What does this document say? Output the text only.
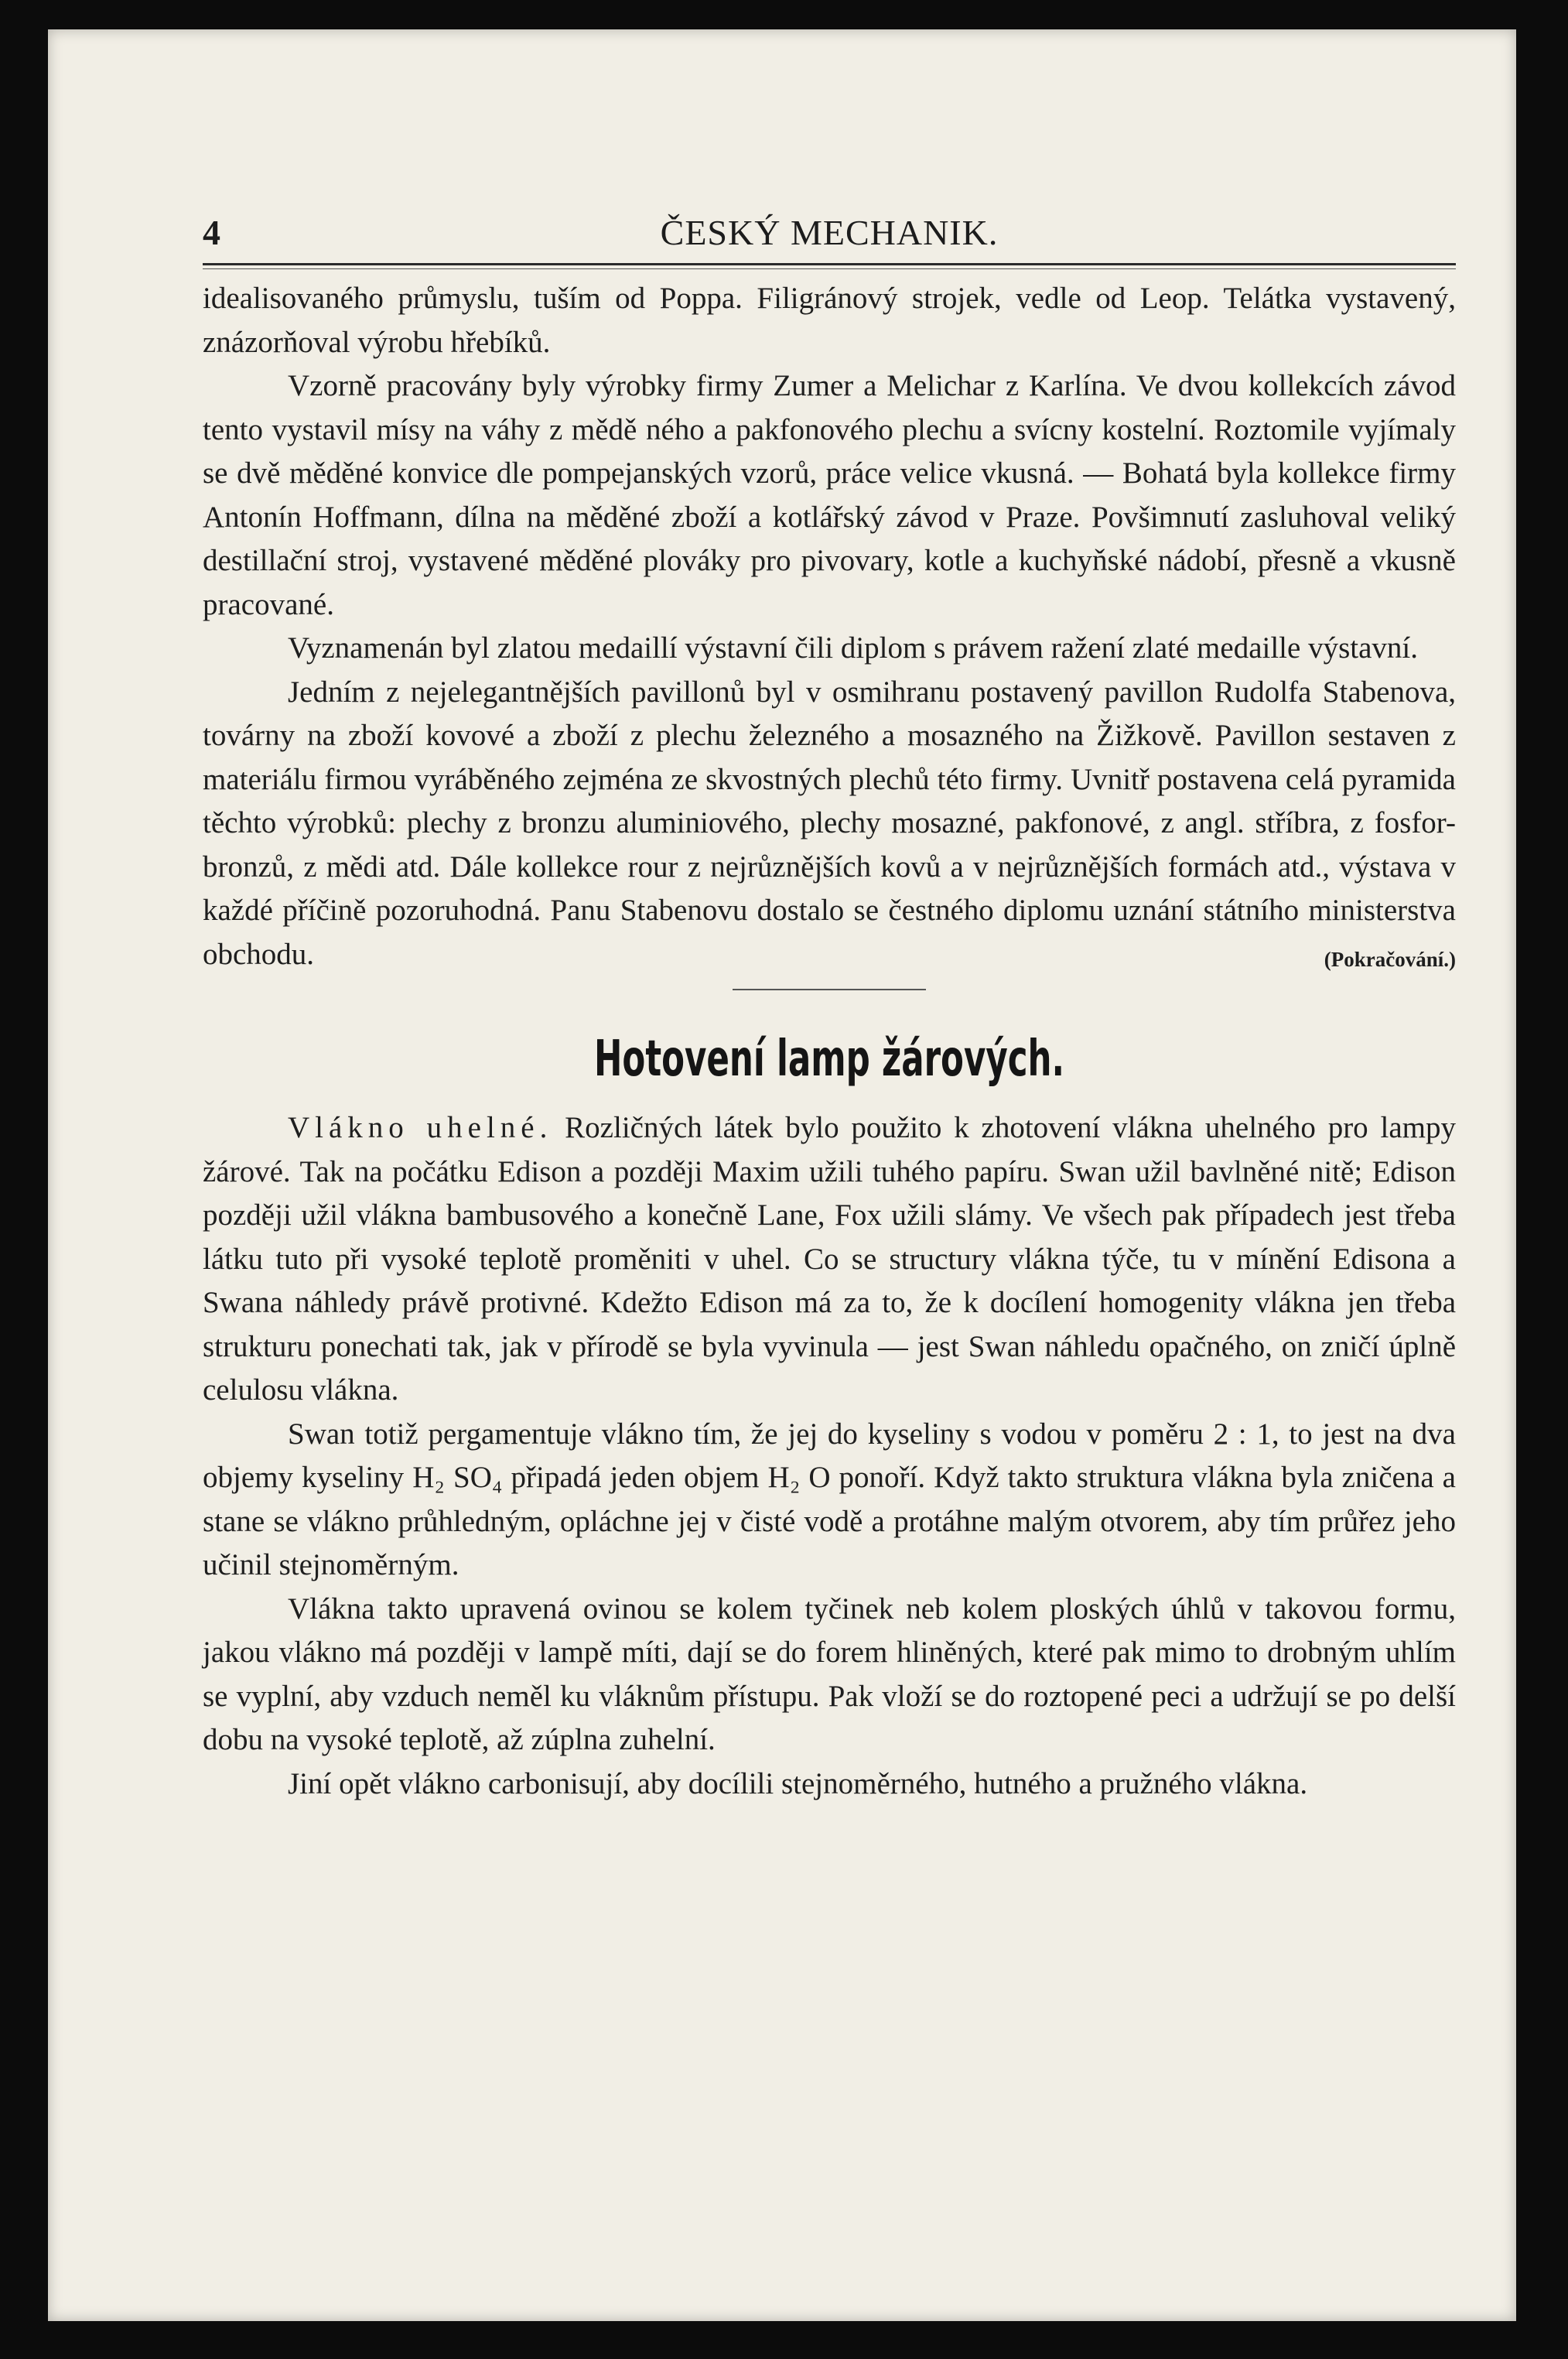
4	ČESKÝ MECHANIK.

idealisovaného průmyslu, tuším od Poppa. Filigránový strojek, vedle od Leop. Telátka vystavený, znázorňoval výrobu hřebíků.

Vzorně pracovány byly výrobky firmy Zumer a Melichar z Karlína. Ve dvou kollekcích závod tento vystavil mísy na váhy z mědě ného a pakfonového plechu a svícny kostelní. Roztomile vyjímaly se dvě měděné konvice dle pompejanských vzorů, práce velice vkusná. — Bohatá byla kollekce firmy Antonín Hoffmann, dílna na měděné zboží a kotlářský závod v Praze. Povšimnutí zasluhoval veliký destillační stroj, vystavené měděné plováky pro pivovary, kotle a kuchyňské nádobí, přesně a vkusně pracované.

Vyznamenán byl zlatou medaillí výstavní čili diplom s právem ražení zlaté medaille výstavní.

Jedním z nejelegantnějších pavillonů byl v osmihranu postavený pavillon Rudolfa Stabenova, továrny na zboží kovové a zboží z plechu železného a mosazného na Žižkově. Pavillon sestaven z materiálu firmou vyráběného zejména ze skvostných plechů této firmy. Uvnitř postavena celá pyramida těchto výrobků: plechy z bronzu aluminiového, plechy mosazné, pakfonové, z angl. stříbra, z fosfor-bronzů, z mědi atd. Dále kollekce rour z nejrůznějších kovů a v nejrůznějších formách atd., výstava v každé příčině pozoruhodná. Panu Stabenovu dostalo se čestného diplomu uznání státního ministerstva obchodu.	(Pokračování.)

Hotovení lamp žárových.

Vlákno uhelné. Rozličných látek bylo použito k zhotovení vlákna uhelného pro lampy žárové. Tak na počátku Edison a později Maxim užili tuhého papíru. Swan užil bavlněné nitě; Edison později užil vlákna bambusového a konečně Lane, Fox užili slámy. Ve všech pak případech jest třeba látku tuto při vysoké teplotě proměniti v uhel. Co se structury vlákna týče, tu v mínění Edisona a Swana náhledy právě protivné. Kdežto Edison má za to, že k docílení homogenity vlákna jen třeba strukturu ponechati tak, jak v přírodě se byla vyvinula — jest Swan náhledu opačného, on zničí úplně celulosu vlákna.

Swan totiž pergamentuje vlákno tím, že jej do kyseliny s vodou v poměru 2 : 1, to jest na dva objemy kyseliny H₂ SO₄ připadá jeden objem H₂ O ponoří. Když takto struktura vlákna byla zničena a stane se vlákno průhledným, opláchne jej v čisté vodě a protáhne malým otvorem, aby tím průřez jeho učinil stejnoměrným.

Vlákna takto upravená ovinou se kolem tyčinek neb kolem ploských úhlů v takovou formu, jakou vlákno má později v lampě míti, dají se do forem hliněných, které pak mimo to drobným uhlím se vyplní, aby vzduch neměl ku vláknům přístupu. Pak vloží se do roztopené peci a udržují se po delší dobu na vysoké teplotě, až zúplna zuhelní.

Jiní opět vlákno carbonisují, aby docílili stejnoměrného, hutného a pružného vlákna.
